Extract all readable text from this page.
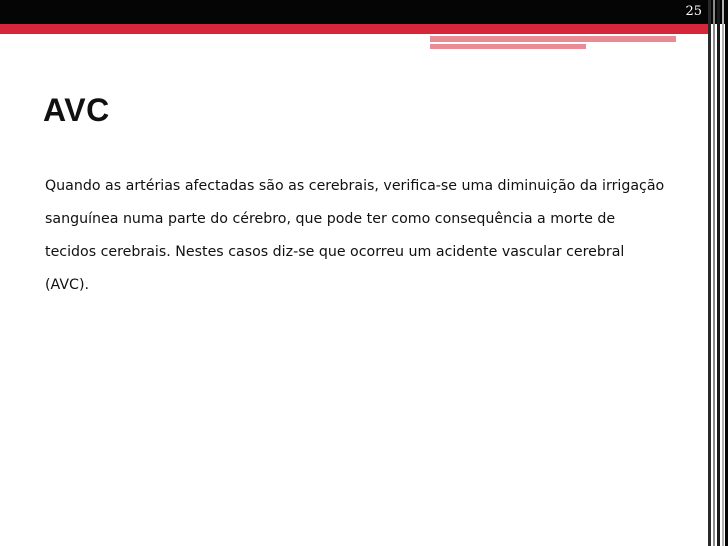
25
AVC

Quando as artérias afectadas são as cerebrais, verifica-se uma diminuição da irrigação sanguínea numa parte do cérebro, que pode ter como consequência a morte de tecidos cerebrais. Nestes casos diz-se que ocorreu um acidente vascular cerebral (AVC).
